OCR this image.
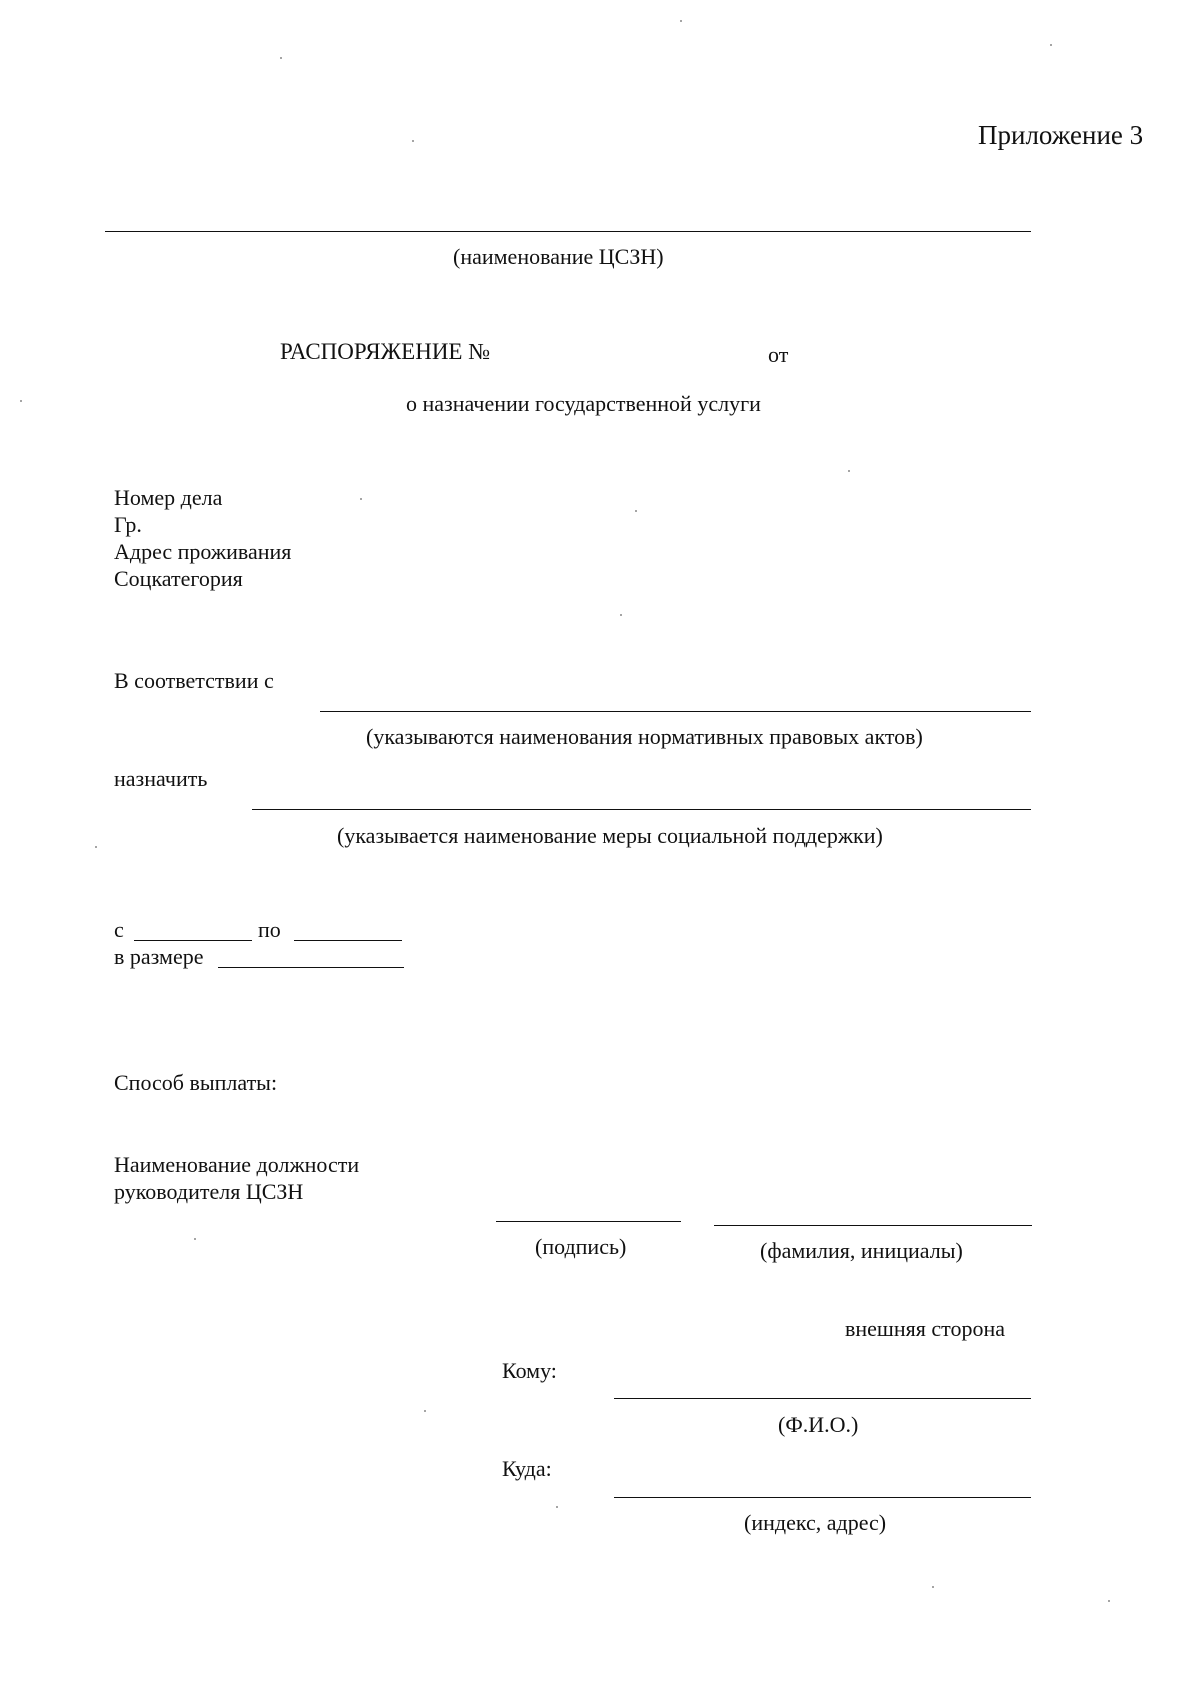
Приложение 3
(наименование ЦСЗН)
РАСПОРЯЖЕНИЕ №	от
о назначении государственной услуги
Номер дела
Гр.
Адрес проживания
Соцкатегория
В соответствии с
(указываются наименования нормативных правовых актов)
назначить
(указывается наименование меры социальной поддержки)
с	по
в размере
Способ выплаты:
Наименование должности
руководителя ЦСЗН
(подпись)	(фамилия, инициалы)
внешняя сторона
Кому:
(Ф.И.О.)
Куда:
(индекс, адрес)
